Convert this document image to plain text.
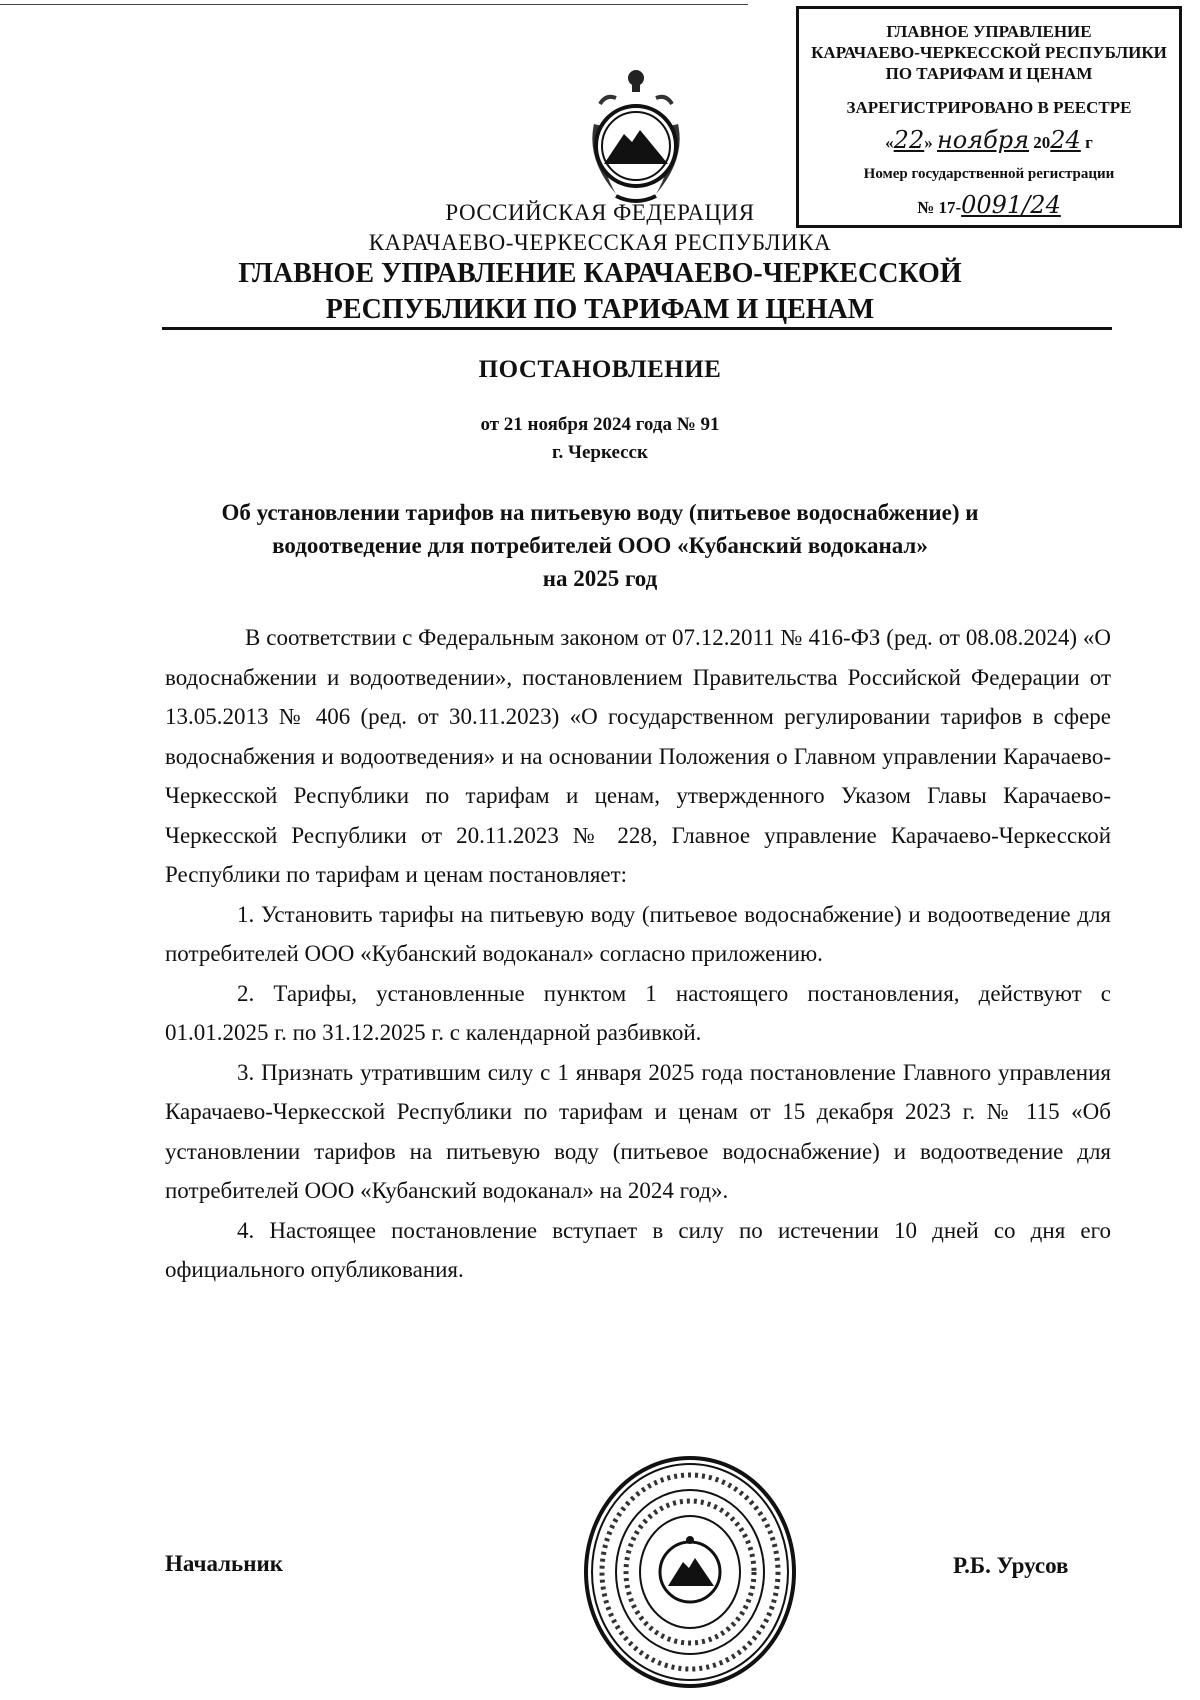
ГЛАВНОЕ УПРАВЛЕНИЕ
КАРАЧАЕВО-ЧЕРКЕССКОЙ РЕСПУБЛИКИ
ПО ТАРИФАМ И ЦЕНАМ
ЗАРЕГИСТРИРОВАНО В РЕЕСТРЕ
«22» ноября 2024 г
Номер государственной регистрации
№ 17-0091/24
РОССИЙСКАЯ ФЕДЕРАЦИЯ
КАРАЧАЕВО-ЧЕРКЕССКАЯ РЕСПУБЛИКА
ГЛАВНОЕ УПРАВЛЕНИЕ КАРАЧАЕВО-ЧЕРКЕССКОЙ
РЕСПУБЛИКИ ПО ТАРИФАМ И ЦЕНАМ
ПОСТАНОВЛЕНИЕ
от 21 ноября 2024 года № 91
г. Черкесск
Об установлении тарифов на питьевую воду (питьевое водоснабжение) и
водоотведение для потребителей ООО «Кубанский водоканал»
на 2025 год

В соответствии с Федеральным законом от 07.12.2011 № 416-ФЗ (ред. от 08.08.2024) «О водоснабжении и водоотведении», постановлением Правительства Российской Федерации от 13.05.2013 № 406 (ред. от 30.11.2023) «О государственном регулировании тарифов в сфере водоснабжения и водоотведения» и на основании Положения о Главном управлении Карачаево-Черкесской Республики по тарифам и ценам, утвержденного Указом Главы Карачаево-Черкесской Республики от 20.11.2023 № 228, Главное управление Карачаево-Черкесской Республики по тарифам и ценам постановляет:

1. Установить тарифы на питьевую воду (питьевое водоснабжение) и водоотведение для потребителей ООО «Кубанский водоканал» согласно приложению.

2. Тарифы, установленные пунктом 1 настоящего постановления, действуют с 01.01.2025 г. по 31.12.2025 г. с календарной разбивкой.

3. Признать утратившим силу с 1 января 2025 года постановление Главного управления Карачаево-Черкесской Республики по тарифам и ценам от 15 декабря 2023 г. № 115 «Об установлении тарифов на питьевую воду (питьевое водоснабжение) и водоотведение для потребителей ООО «Кубанский водоканал» на 2024 год».

4. Настоящее постановление вступает в силу по истечении 10 дней со дня его официального опубликования.

Начальник	Р.Б. Урусов
